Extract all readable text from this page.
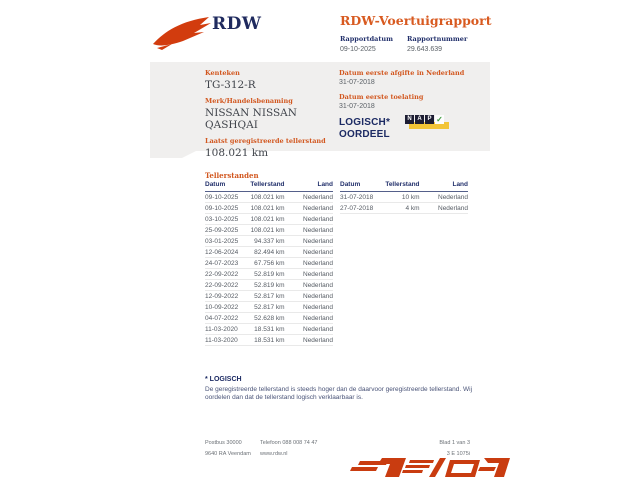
RDW	RDW-Voertuigrapport
Rapportdatum
09-10-2025
Rapportnummer
29.643.639
Kenteken
TG-312-R
Merk/Handelsbenaming
NISSAN NISSAN
QASHQAI
Laatst geregistreerde tellerstand
108.021 km
Datum eerste afgifte in Nederland
31-07-2018
Datum eerste toelating
31-07-2018
LOGISCH*
OORDEEL
N A P ✓
Tellerstanden
Datum	Tellerstand	Land
09-10-2025	108.021 km	Nederland
09-10-2025	108.021 km	Nederland
03-10-2025	108.021 km	Nederland
25-09-2025	108.021 km	Nederland
03-01-2025	94.337 km	Nederland
12-06-2024	82.494 km	Nederland
24-07-2023	67.756 km	Nederland
22-09-2022	52.819 km	Nederland
22-09-2022	52.819 km	Nederland
12-09-2022	52.817 km	Nederland
10-09-2022	52.817 km	Nederland
04-07-2022	52.628 km	Nederland
11-03-2020	18.531 km	Nederland
11-03-2020	18.531 km	Nederland
Datum	Tellerstand	Land
31-07-2018	10 km	Nederland
27-07-2018	4 km	Nederland
* LOGISCH
De geregistreerde tellerstand is steeds hoger dan de daarvoor geregistreerde tellerstand. Wij oordelen dan dat de tellerstand logisch verklaarbaar is.
Postbus 30000
9640 RA Veendam
Telefoon 088 008 74 47
www.rdw.nl
Blad 1 van 3
3 E 1075i
